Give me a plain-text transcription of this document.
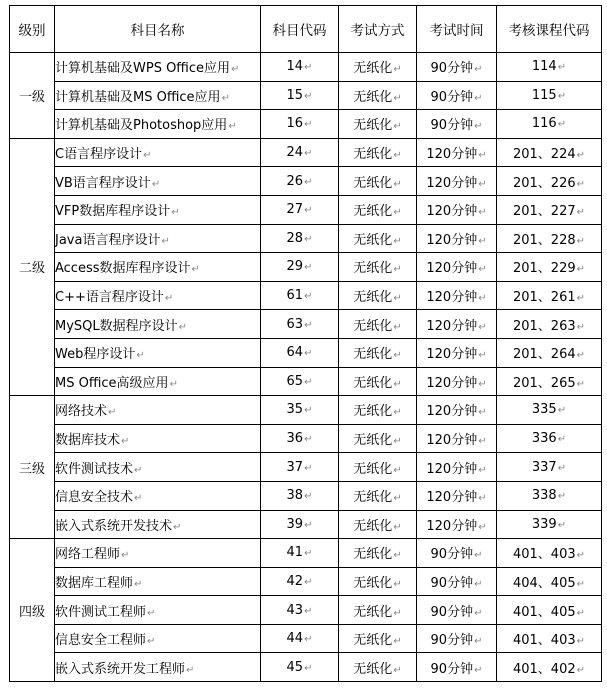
级别	科目名称	科目代码	考试方式	考试时间	考核课程代码
一级	计算机基础及WPS Office应用↵	14↵	无纸化↵	90分钟↵	114↵
	计算机基础及MS Office应用↵	15↵	无纸化↵	90分钟↵	115↵
	计算机基础及Photoshop应用↵	16↵	无纸化↵	90分钟↵	116↵
二级	C语言程序设计↵	24↵	无纸化↵	120分钟↵	201、224↵
	VB语言程序设计↵	26↵	无纸化↵	120分钟↵	201、226↵
	VFP数据库程序设计↵	27↵	无纸化↵	120分钟↵	201、227↵
	Java语言程序设计↵	28↵	无纸化↵	120分钟↵	201、228↵
	Access数据库程序设计↵	29↵	无纸化↵	120分钟↵	201、229↵
	C++语言程序设计↵	61↵	无纸化↵	120分钟↵	201、261↵
	MySQL数据程序设计↵	63↵	无纸化↵	120分钟↵	201、263↵
	Web程序设计↵	64↵	无纸化↵	120分钟↵	201、264↵
	MS Office高级应用↵	65↵	无纸化↵	120分钟↵	201、265↵
三级	网络技术↵	35↵	无纸化↵	120分钟↵	335↵
	数据库技术↵	36↵	无纸化↵	120分钟↵	336↵
	软件测试技术↵	37↵	无纸化↵	120分钟↵	337↵
	信息安全技术↵	38↵	无纸化↵	120分钟↵	338↵
	嵌入式系统开发技术↵	39↵	无纸化↵	120分钟↵	339↵
四级	网络工程师↵	41↵	无纸化↵	90分钟↵	401、403↵
	数据库工程师↵	42↵	无纸化↵	90分钟↵	404、405↵
	软件测试工程师↵	43↵	无纸化↵	90分钟↵	401、405↵
	信息安全工程师↵	44↵	无纸化↵	90分钟↵	401、403↵
	嵌入式系统开发工程师↵	45↵	无纸化↵	90分钟↵	401、402↵
